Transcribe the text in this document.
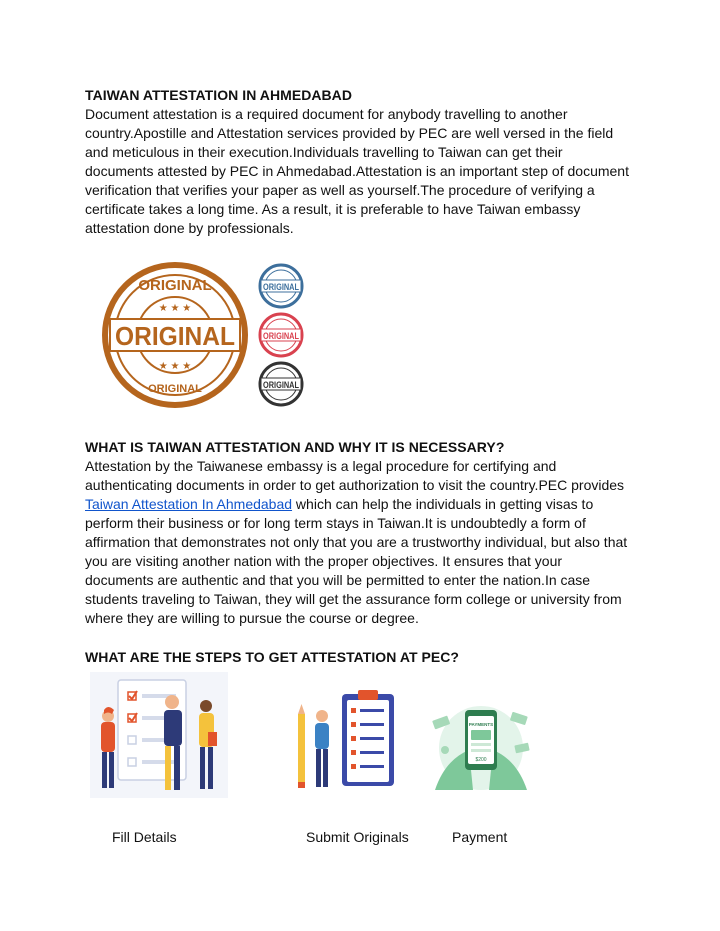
TAIWAN ATTESTATION IN AHMEDABAD

Document attestation is a required document for anybody travelling to another

country.Apostille and Attestation services provided by PEC are well versed in the field

and meticulous in their execution.Individuals travelling to Taiwan can get their

documents attested by PEC in Ahmedabad.Attestation is an important step of document

verification that verifies your paper as well as yourself.The procedure of verifying a

certificate takes a long time. As a result, it is preferable to have Taiwan embassy

attestation done by professionals.

ORIGINAL
ORIGINAL
ORIGINAL
★ ★ ★
★ ★ ★
ORIGINAL
ORIGINAL
ORIGINAL
WHAT IS TAIWAN ATTESTATION AND WHY IT IS NECESSARY?

Attestation by the Taiwanese embassy is a legal procedure for certifying and

authenticating documents in order to get authorization to visit the country.PEC provides

Taiwan Attestation In Ahmedabad which can help the individuals in getting visas to

perform their business or for long term stays in Taiwan.It is undoubtedly a form of

affirmation that demonstrates not only that you are a trustworthy individual, but also that

you are visiting another nation with the proper objectives. It ensures that your

documents are authentic and that you will be permitted to enter the nation.In case

students traveling to Taiwan, they will get the assurance form college or university from

where they are willing to pursue the course or degree.

WHAT ARE THE STEPS TO GET ATTESTATION AT PEC?
PAYMENTS
$200
Fill Details	Submit Originals	Payment
